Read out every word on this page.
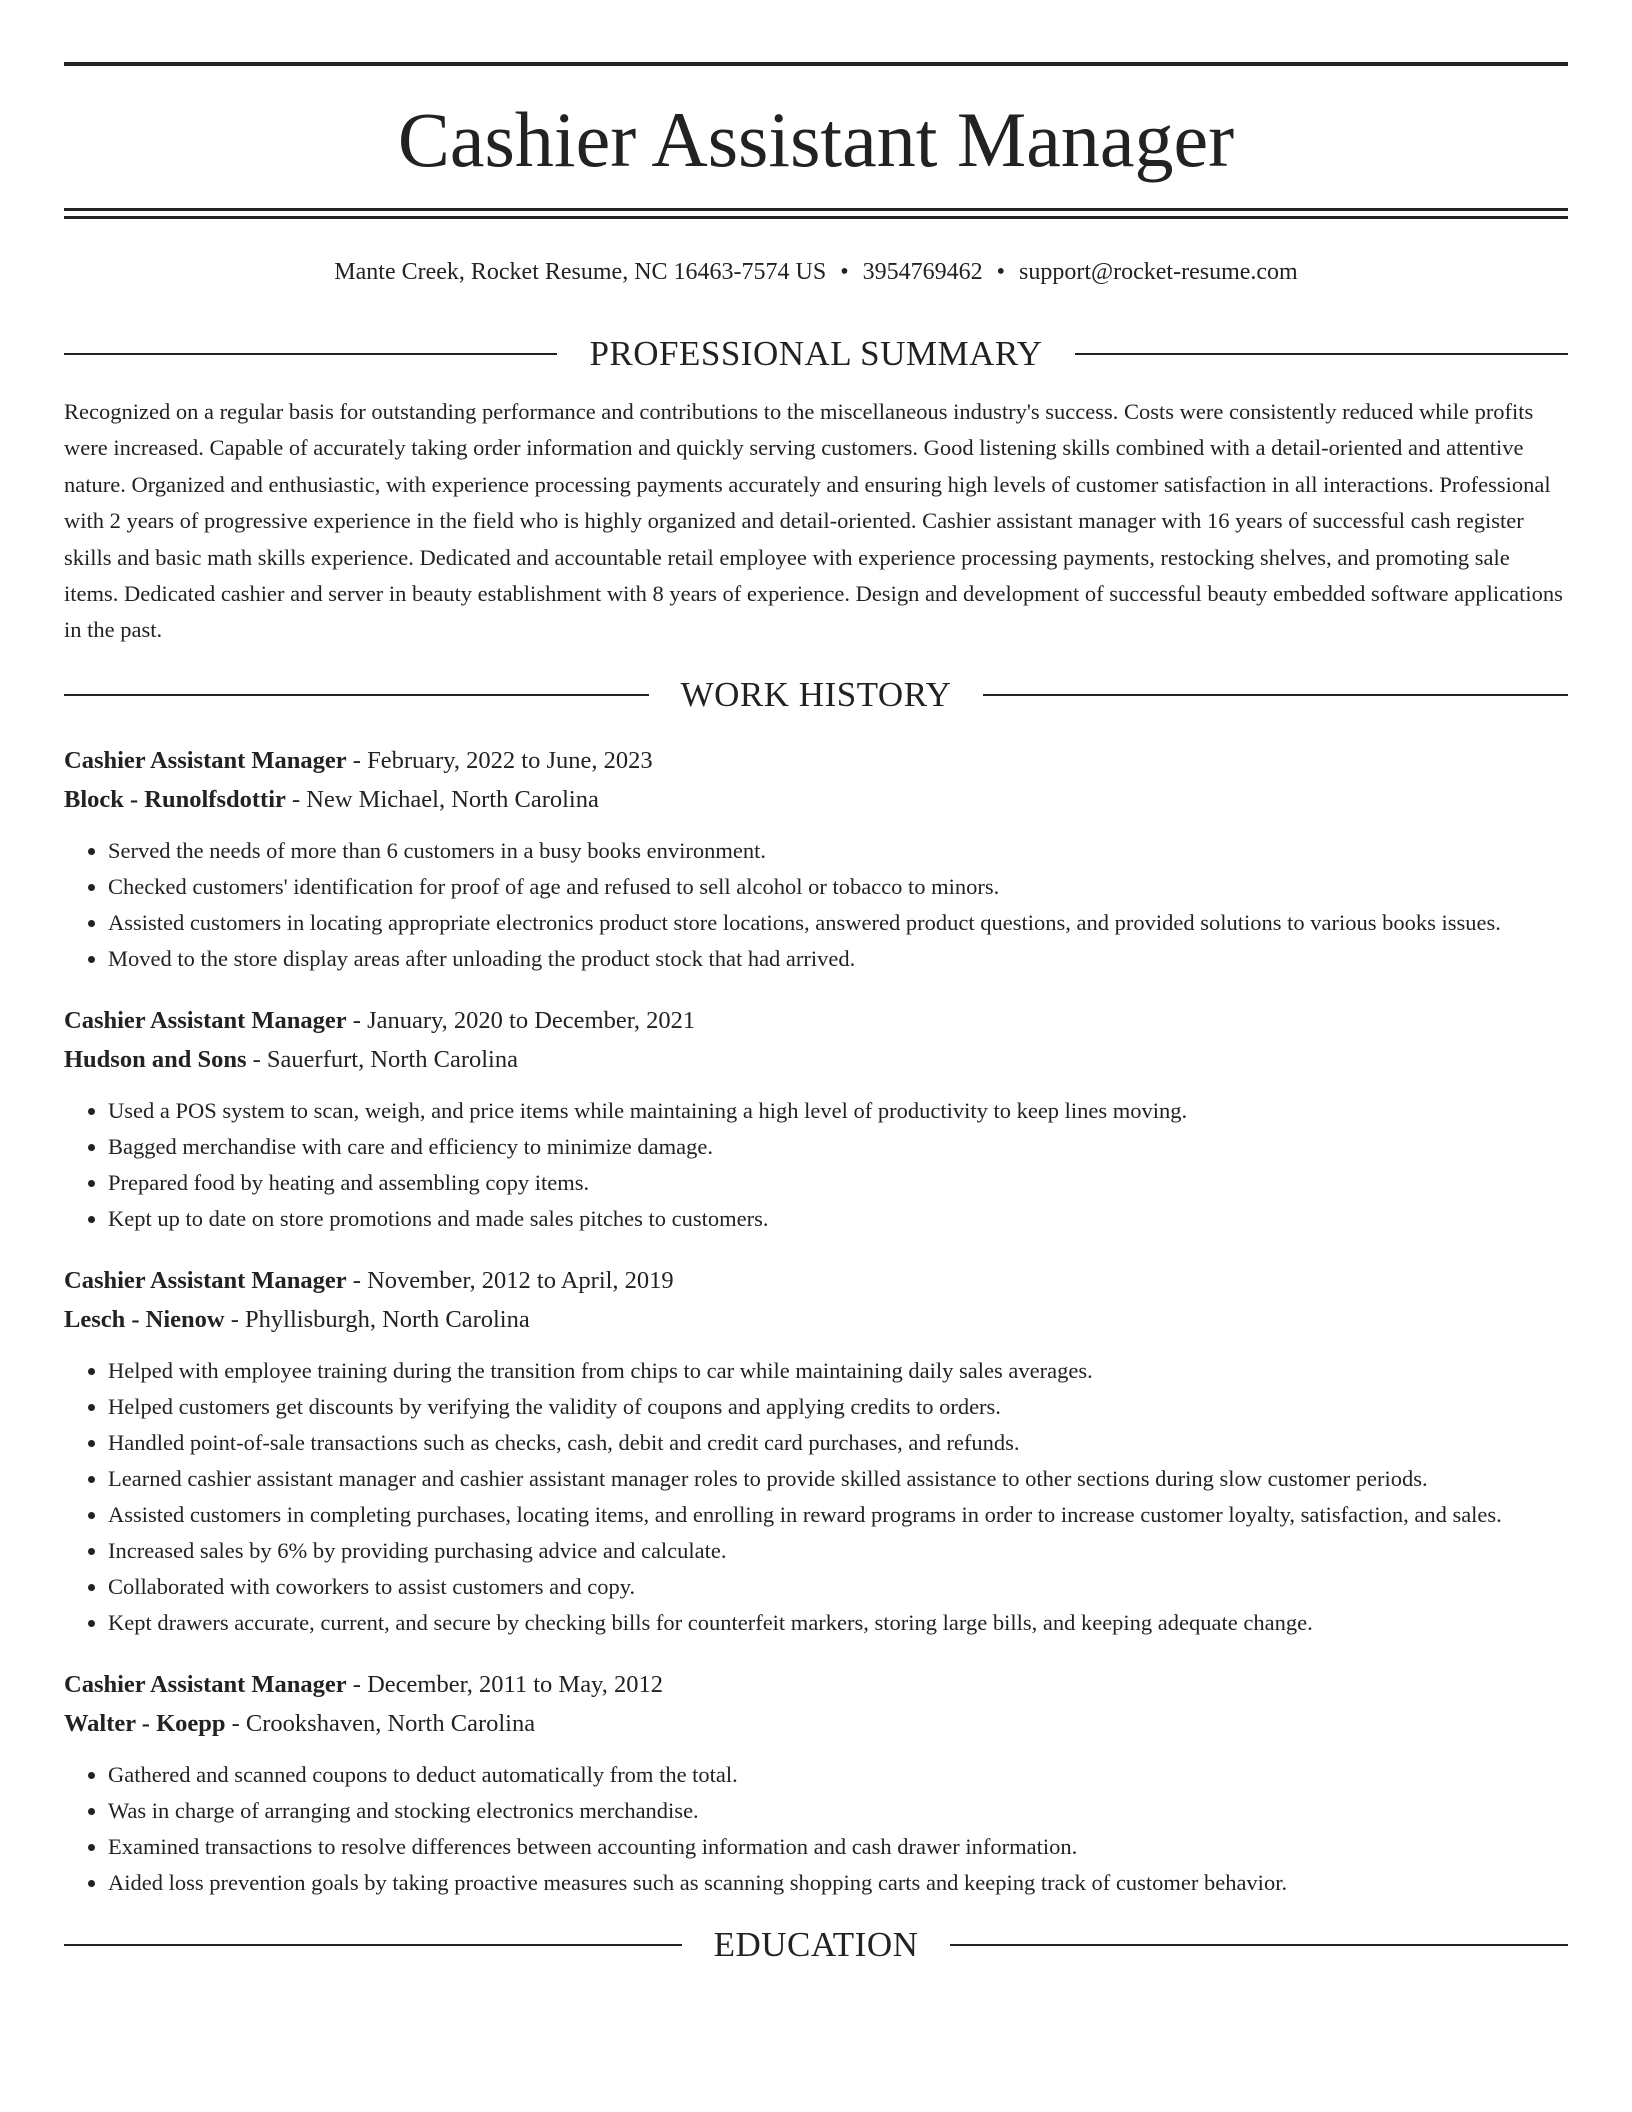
Cashier Assistant Manager
Mante Creek, Rocket Resume, NC 16463-7574 US • 3954769462 • support@rocket-resume.com
PROFESSIONAL SUMMARY

Recognized on a regular basis for outstanding performance and contributions to the miscellaneous industry's success. Costs were consistently reduced while profits were increased. Capable of accurately taking order information and quickly serving customers. Good listening skills combined with a detail-oriented and attentive nature. Organized and enthusiastic, with experience processing payments accurately and ensuring high levels of customer satisfaction in all interactions. Professional with 2 years of progressive experience in the field who is highly organized and detail-oriented. Cashier assistant manager with 16 years of successful cash register skills and basic math skills experience. Dedicated and accountable retail employee with experience processing payments, restocking shelves, and promoting sale items. Dedicated cashier and server in beauty establishment with 8 years of experience. Design and development of successful beauty embedded software applications in the past.

WORK HISTORY
Cashier Assistant Manager - February, 2022 to June, 2023
Block - Runolfsdottir - New Michael, North Carolina
• Served the needs of more than 6 customers in a busy books environment.
• Checked customers' identification for proof of age and refused to sell alcohol or tobacco to minors.
• Assisted customers in locating appropriate electronics product store locations, answered product questions, and provided solutions to various books issues.
• Moved to the store display areas after unloading the product stock that had arrived.
Cashier Assistant Manager - January, 2020 to December, 2021
Hudson and Sons - Sauerfurt, North Carolina
• Used a POS system to scan, weigh, and price items while maintaining a high level of productivity to keep lines moving.
• Bagged merchandise with care and efficiency to minimize damage.
• Prepared food by heating and assembling copy items.
• Kept up to date on store promotions and made sales pitches to customers.
Cashier Assistant Manager - November, 2012 to April, 2019
Lesch - Nienow - Phyllisburgh, North Carolina
• Helped with employee training during the transition from chips to car while maintaining daily sales averages.
• Helped customers get discounts by verifying the validity of coupons and applying credits to orders.
• Handled point-of-sale transactions such as checks, cash, debit and credit card purchases, and refunds.
• Learned cashier assistant manager and cashier assistant manager roles to provide skilled assistance to other sections during slow customer periods.
• Assisted customers in completing purchases, locating items, and enrolling in reward programs in order to increase customer loyalty, satisfaction, and sales.
• Increased sales by 6% by providing purchasing advice and calculate.
• Collaborated with coworkers to assist customers and copy.
• Kept drawers accurate, current, and secure by checking bills for counterfeit markers, storing large bills, and keeping adequate change.
Cashier Assistant Manager - December, 2011 to May, 2012
Walter - Koepp - Crookshaven, North Carolina
• Gathered and scanned coupons to deduct automatically from the total.
• Was in charge of arranging and stocking electronics merchandise.
• Examined transactions to resolve differences between accounting information and cash drawer information.
• Aided loss prevention goals by taking proactive measures such as scanning shopping carts and keeping track of customer behavior.
EDUCATION
